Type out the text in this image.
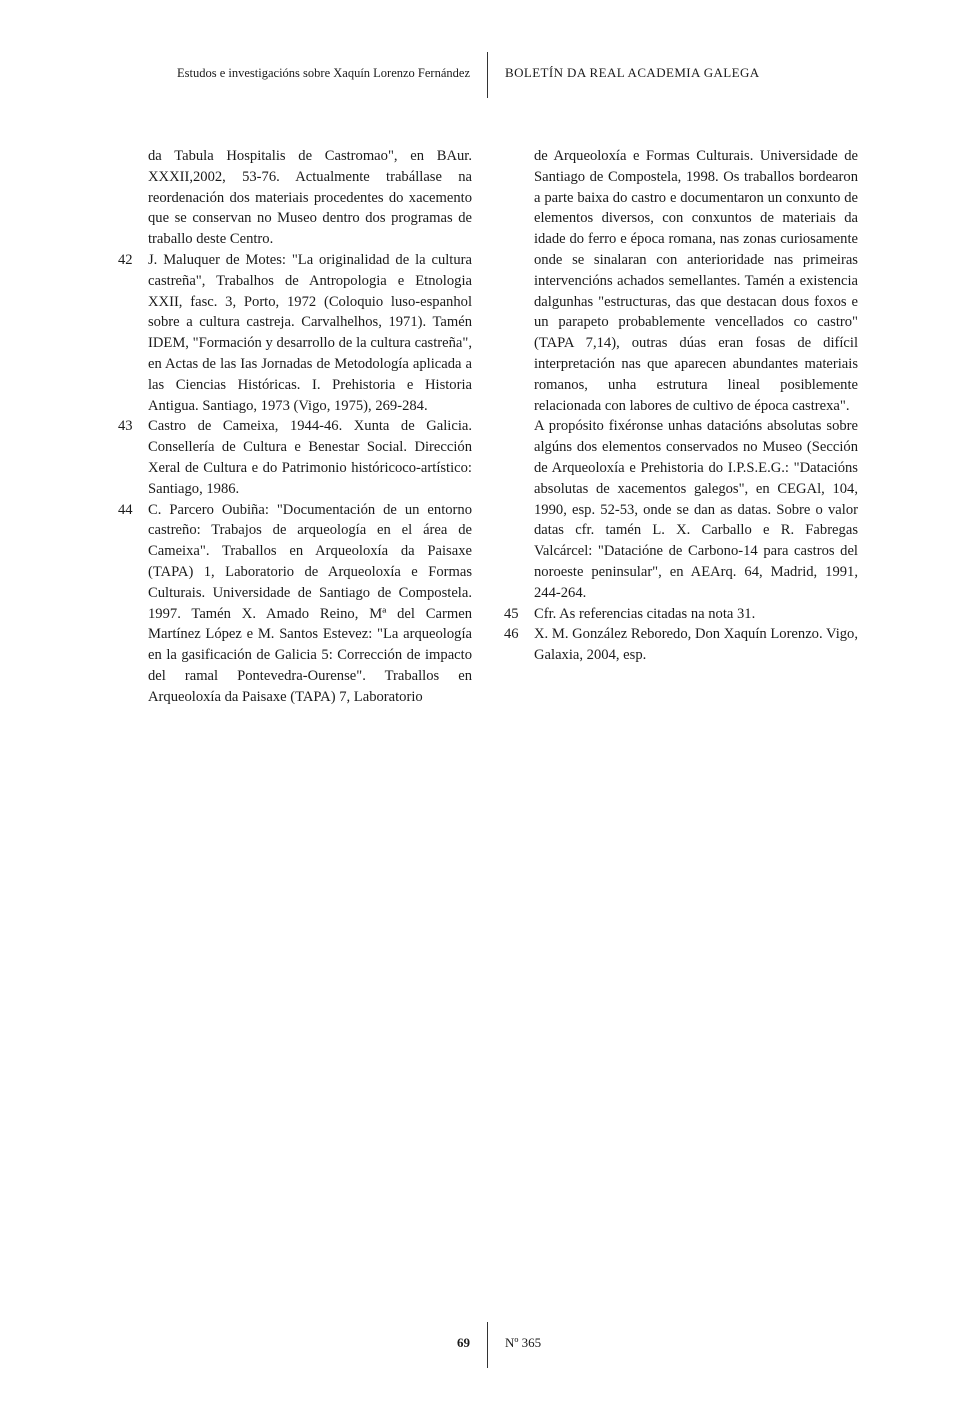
Estudos e investigacións sobre Xaquín Lorenzo Fernández	BOLETÍN DA REAL ACADEMIA GALEGA

da Tabula Hospitalis de Castromao", en BAur. XXXII,2002, 53-76. Actualmente trabállase na reordenación dos materiais procedentes do xacemento que se conservan no Museo dentro dos programas de traballo deste Centro.

42	J. Maluquer de Motes: "La originalidad de la cultura castreña", Trabalhos de Antropologia e Etnologia XXII, fasc. 3, Porto, 1972 (Coloquio luso-espanhol sobre a cultura castreja. Carvalhelhos, 1971). Tamén IDEM, "Formación y desarrollo de la cultura castreña", en Actas de las Ias Jornadas de Metodología aplicada a las Ciencias Históricas. I. Prehistoria e Historia Antigua. Santiago, 1973 (Vigo, 1975), 269-284.
43	Castro de Cameixa, 1944-46. Xunta de Galicia. Consellería de Cultura e Benestar Social. Dirección Xeral de Cultura e do Patrimonio históricoco-artístico: Santiago, 1986.
44	C. Parcero Oubiña: "Documentación de un entorno castreño: Trabajos de arqueología en el área de Cameixa". Traballos en Arqueoloxía da Paisaxe (TAPA) 1, Laboratorio de Arqueoloxía e Formas Culturais. Universidade de Santiago de Compostela. 1997. Tamén X. Amado Reino, Mª del Carmen Martínez López e M. Santos Estevez: "La arqueología en la gasificación de Galicia 5: Corrección de impacto del ramal Pontevedra-Ourense". Traballos en Arqueoloxía da Paisaxe (TAPA) 7, Laboratorio

de Arqueoloxía e Formas Culturais. Universidade de Santiago de Compostela, 1998. Os traballos bordearon a parte baixa do castro e documentaron un conxunto de elementos diversos, con conxuntos de materiais da idade do ferro e época romana, nas zonas curiosamente onde se sinalaran con anterioridade nas primeiras intervencións achados semellantes. Tamén a existencia dalgunhas "estructuras, das que destacan dous foxos e un parapeto probablemente vencellados co castro"(TAPA 7,14), outras dúas eran fosas de difícil interpretación nas que aparecen abundantes materiais romanos, unha estrutura lineal posiblemente relacionada con labores de cultivo de época castrexa".

A propósito fixéronse unhas datacións absolutas sobre algúns dos elementos conservados no Museo (Sección de Arqueoloxía e Prehistoria do I.P.S.E.G.: "Datacións absolutas de xacementos galegos", en CEGAl, 104, 1990, esp. 52-53, onde se dan as datas. Sobre o valor datas cfr. tamén L. X. Carballo e R. Fabregas Valcárcel: "Datacióne de Carbono-14 para castros del noroeste peninsular", en AEArq. 64, Madrid, 1991, 244-264.

45	Cfr. As referencias citadas na nota 31.
46	X. M. González Reboredo, Don Xaquín Lorenzo. Vigo, Galaxia, 2004, esp.
69	Nº 365
